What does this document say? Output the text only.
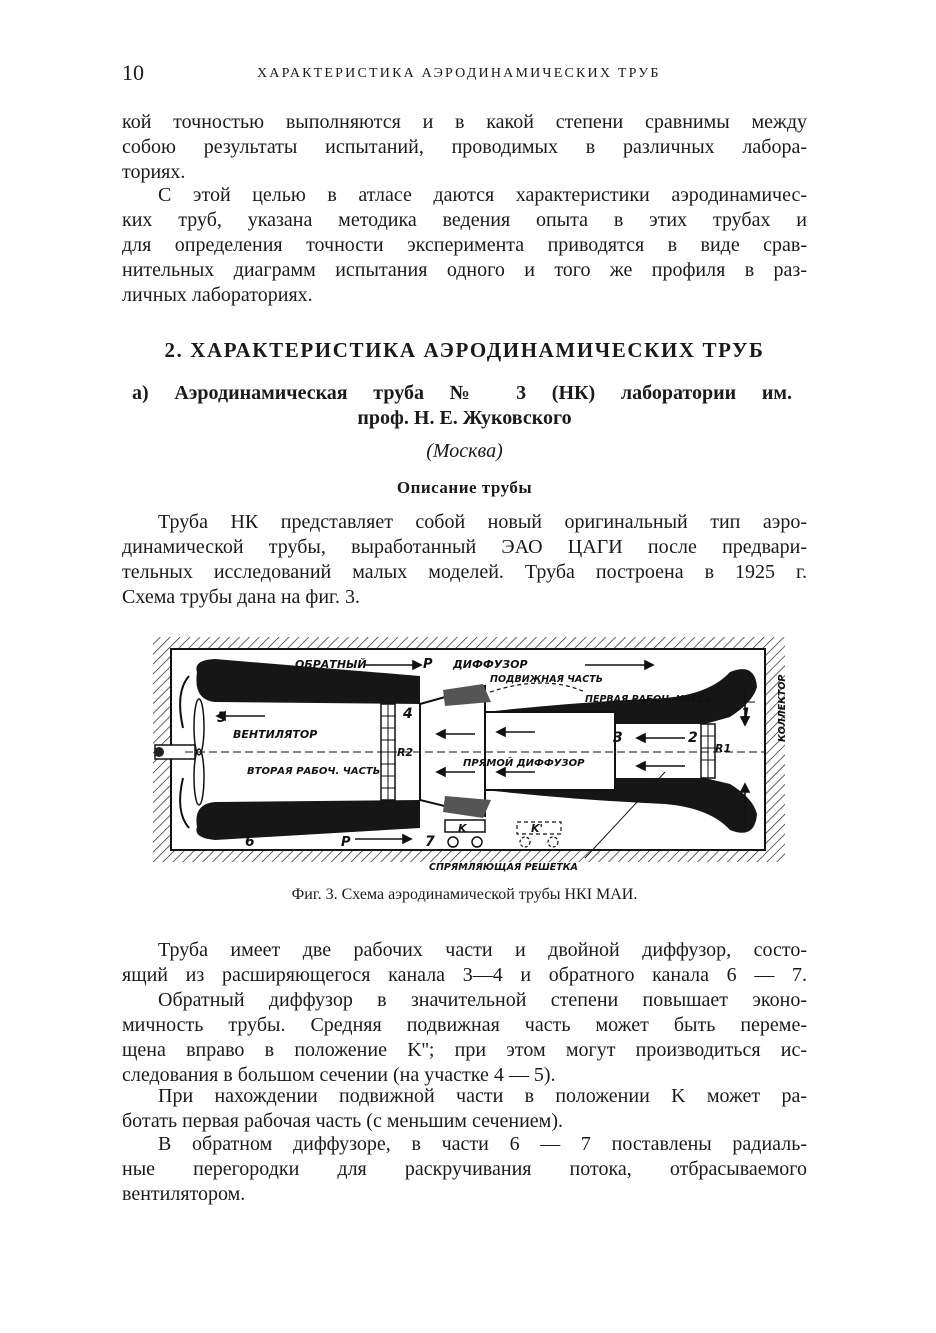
10	ХАРАКТЕРИСТИКА АЭРОДИНАМИЧЕСКИХ ТРУБ
кой точностью выполняются и в какой степени сравнимы между
собою результаты испытаний, проводимых в различных лабора-
ториях.
С этой целью в атласе даются характеристики аэродинамичес-
ких труб, указана методика ведения опыта в этих трубах и
для определения точности эксперимента приводятся в виде срав-
нительных диаграмм испытания одного и того же профиля в раз-
личных лабораториях.
2. ХАРАКТЕРИСТИКА АЭРОДИНАМИЧЕСКИХ ТРУБ
а) Аэродинамическая труба № 3 (НК) лаборатории им.
проф. Н. Е. Жуковского
(Москва)
Описание трубы
Труба НК представляет собой новый оригинальный тип аэро-
динамической трубы, выработанный ЭАО ЦАГИ после предвари-
тельных исследований малых моделей. Труба построена в 1925 г.
Схема трубы дана на фиг. 3.
ОБРАТНЫЙ	P ДИФФУЗОР
ПОДВИЖНАЯ ЧАСТЬ
ПЕРВАЯ РАБОЧ. ЧАСТЬ
ВЕНТИЛЯТОР
ВТОРАЯ РАБОЧ. ЧАСТЬ
ПРЯМОЙ ДИФФУЗОР
СПРЯМЛЯЮЩАЯ РЕШЕТКА
КОЛЛЕКТОР
1
2
3
4
5
6	7
P
R1
R2
K	K'
Фиг. 3. Схема аэродинамической трубы НКI МАИ.
Труба имеет две рабочих части и двойной диффузор, состо-
ящий из расширяющегося канала 3—4 и обратного канала 6 — 7.
Обратный диффузор в значительной степени повышает эконо-
мичность трубы. Средняя подвижная часть может быть переме-
щена вправо в положение K''; при этом могут производиться ис-
следования в большом сечении (на участке 4 — 5).
При нахождении подвижной части в положении K может ра-
ботать первая рабочая часть (с меньшим сечением).
В обратном диффузоре, в части 6 — 7 поставлены радиаль-
ные перегородки для раскручивания потока, отбрасываемого
вентилятором.
